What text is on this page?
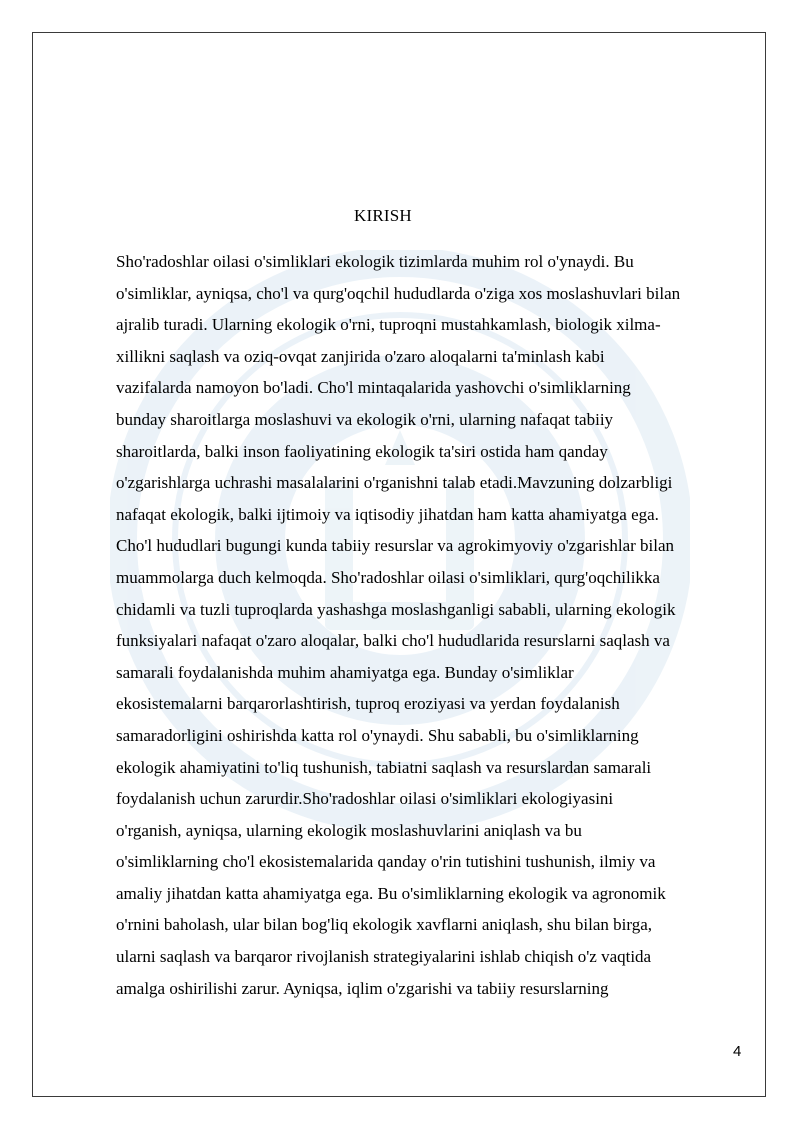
KIRISH
Sho'radoshlar oilasi o'simliklari ekologik tizimlarda muhim rol o'ynaydi. Bu
o'simliklar, ayniqsa, cho'l va qurg'oqchil hududlarda o'ziga xos moslashuvlari bilan
ajralib turadi. Ularning ekologik o'rni, tuproqni mustahkamlash, biologik xilma-
xillikni saqlash va oziq-ovqat zanjirida o'zaro aloqalarni ta'minlash kabi
vazifalarda namoyon bo'ladi. Cho'l mintaqalarida yashovchi o'simliklarning
bunday sharoitlarga moslashuvi va ekologik o'rni, ularning nafaqat tabiiy
sharoitlarda, balki inson faoliyatining ekologik ta'siri ostida ham qanday
o'zgarishlarga uchrashi masalalarini o'rganishni talab etadi.Mavzuning dolzarbligi
nafaqat ekologik, balki ijtimoiy va iqtisodiy jihatdan ham katta ahamiyatga ega.
Cho'l hududlari bugungi kunda tabiiy resurslar va agrokimyoviy o'zgarishlar bilan
muammolarga duch kelmoqda. Sho'radoshlar oilasi o'simliklari, qurg'oqchilikka
chidamli va tuzli tuproqlarda yashashga moslashganligi sababli, ularning ekologik
funksiyalari nafaqat o'zaro aloqalar, balki cho'l hududlarida resurslarni saqlash va
samarali foydalanishda muhim ahamiyatga ega. Bunday o'simliklar
ekosistemalarni barqarorlashtirish, tuproq eroziyasi va yerdan foydalanish
samaradorligini oshirishda katta rol o'ynaydi. Shu sababli, bu o'simliklarning
ekologik ahamiyatini to'liq tushunish, tabiatni saqlash va resurslardan samarali
foydalanish uchun zarurdir.Sho'radoshlar oilasi o'simliklari ekologiyasini
o'rganish, ayniqsa, ularning ekologik moslashuvlarini aniqlash va bu
o'simliklarning cho'l ekosistemalarida qanday o'rin tutishini tushunish, ilmiy va
amaliy jihatdan katta ahamiyatga ega. Bu o'simliklarning ekologik va agronomik
o'rnini baholash, ular bilan bog'liq ekologik xavflarni aniqlash, shu bilan birga,
ularni saqlash va barqaror rivojlanish strategiyalarini ishlab chiqish o'z vaqtida
amalga oshirilishi zarur. Ayniqsa, iqlim o'zgarishi va tabiiy resurslarning
4
